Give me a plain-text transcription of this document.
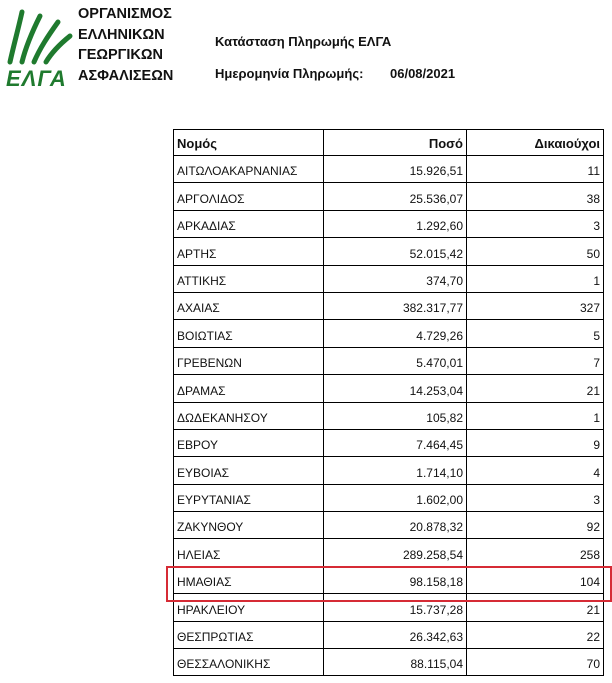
ΕΛΓΑ
ΟΡΓΑΝΙΣΜΟΣ
ΕΛΛΗΝΙΚΩΝ
ΓΕΩΡΓΙΚΩΝ
ΑΣΦΑΛΙΣΕΩΝ
Κατάσταση Πληρωμής ΕΛΓΑ
Ημερομηνία Πληρωμής: 06/08/2021
Νομός	Ποσό	Δικαιούχοι
ΑΙΤΩΛΟΑΚΑΡΝΑΝΙΑΣ	15.926,51	11
ΑΡΓΟΛΙΔΟΣ	25.536,07	38
ΑΡΚΑΔΙΑΣ	1.292,60	3
ΑΡΤΗΣ	52.015,42	50
ΑΤΤΙΚΗΣ	374,70	1
ΑΧΑΙΑΣ	382.317,77	327
ΒΟΙΩΤΙΑΣ	4.729,26	5
ΓΡΕΒΕΝΩΝ	5.470,01	7
ΔΡΑΜΑΣ	14.253,04	21
ΔΩΔΕΚΑΝΗΣΟΥ	105,82	1
ΕΒΡΟΥ	7.464,45	9
ΕΥΒΟΙΑΣ	1.714,10	4
ΕΥΡΥΤΑΝΙΑΣ	1.602,00	3
ΖΑΚΥΝΘΟΥ	20.878,32	92
ΗΛΕΙΑΣ	289.258,54	258
ΗΜΑΘΙΑΣ	98.158,18	104
ΗΡΑΚΛΕΙΟΥ	15.737,28	21
ΘΕΣΠΡΩΤΙΑΣ	26.342,63	22
ΘΕΣΣΑΛΟΝΙΚΗΣ	88.115,04	70
